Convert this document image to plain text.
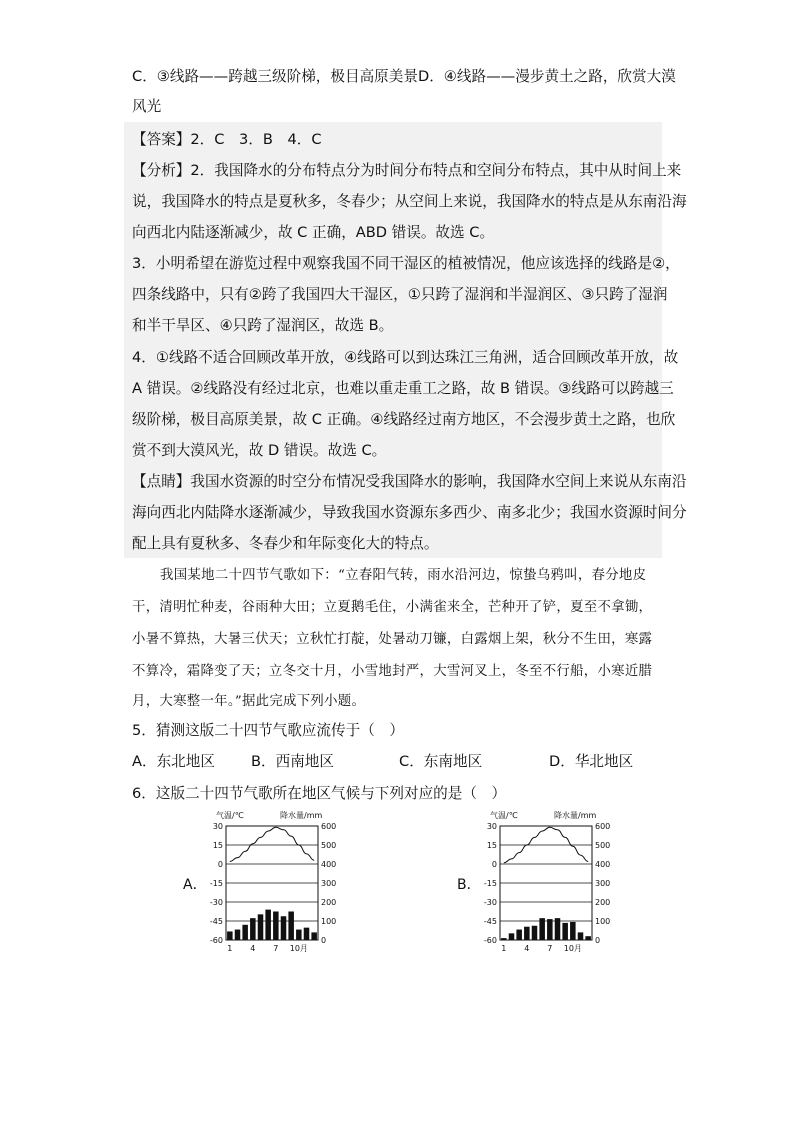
C．③线路——跨越三级阶梯，极目高原美景D．④线路——漫步黄土之路，欣赏大漠
风光
【答案】2．C　3．B　4．C
【分析】2．我国降水的分布特点分为时间分布特点和空间分布特点，其中从时间上来
说，我国降水的特点是夏秋多，冬春少；从空间上来说，我国降水的特点是从东南沿海
向西北内陆逐渐减少，故 C 正确，ABD 错误。故选 C。
3．小明希望在游览过程中观察我国不同干湿区的植被情况，他应该选择的线路是②，
四条线路中，只有②跨了我国四大干湿区，①只跨了湿润和半湿润区、③只跨了湿润
和半干旱区、④只跨了湿润区，故选 B。
4．①线路不适合回顾改革开放，④线路可以到达珠江三角洲，适合回顾改革开放，故
A 错误。②线路没有经过北京，也难以重走重工之路，故 B 错误。③线路可以跨越三
级阶梯，极目高原美景，故 C 正确。④线路经过南方地区，不会漫步黄土之路，也欣
赏不到大漠风光，故 D 错误。故选 C。
【点睛】我国水资源的时空分布情况受我国降水的影响，我国降水空间上来说从东南沿
海向西北内陆降水逐渐减少，导致我国水资源东多西少、南多北少；我国水资源时间分
配上具有夏秋多、冬春少和年际变化大的特点。
我国某地二十四节气歌如下：“立春阳气转，雨水沿河边，惊蛰乌鸦叫，春分地皮
干，清明忙种麦，谷雨种大田；立夏鹅毛住，小满雀来全，芒种开了铲，夏至不拿锄，
小暑不算热，大暑三伏天；立秋忙打靛，处暑动刀镰，白露烟上架，秋分不生田，寒露
不算冷，霜降变了天；立冬交十月，小雪地封严，大雪河叉上，冬至不行船，小寒近腊
月，大寒整一年。”据此完成下列小题。
5．猜测这版二十四节气歌应流传于（　）
A．东北地区 B．西南地区	C．东南地区	D．华北地区
6．这版二十四节气歌所在地区气候与下列对应的是（　）
A．
气温/℃	降水量/mm
30	600
15	500
0	400
-15	300
-30	200
-45	100
-60	0
1 4 7 10月
B．
气温/℃	降水量/mm
30	600
15	500
0	400
-15	300
-30	200
-45	100
-60	0
1 4 7 10月
